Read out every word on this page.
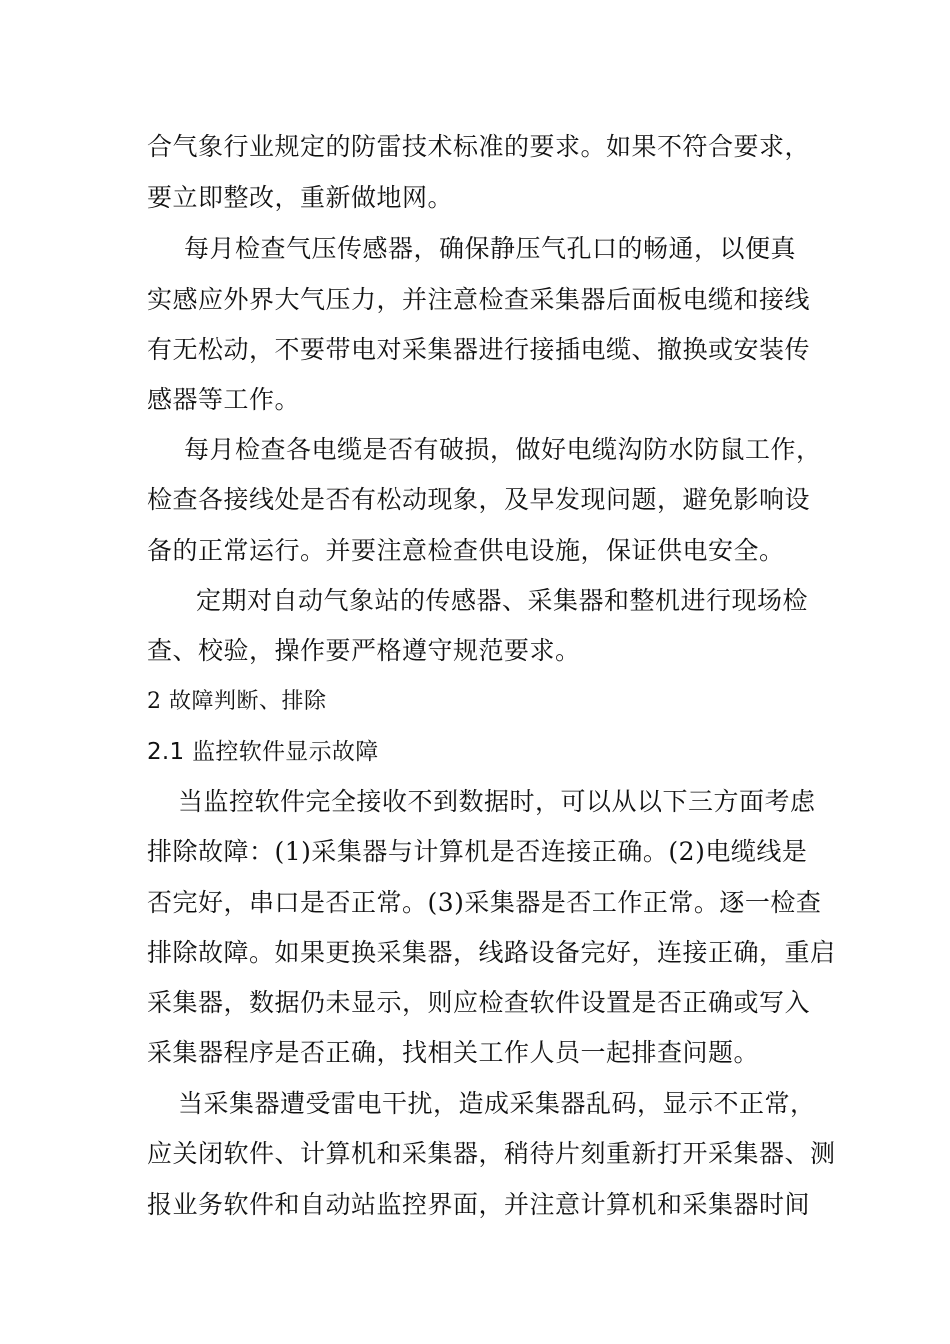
合气象行业规定的防雷技术标准的要求。如果不符合要求，
要立即整改，重新做地网。
每月检查气压传感器，确保静压气孔口的畅通，以便真
实感应外界大气压力，并注意检查采集器后面板电缆和接线
有无松动，不要带电对采集器进行接插电缆、撤换或安装传
感器等工作。
每月检查各电缆是否有破损，做好电缆沟防水防鼠工作，
检查各接线处是否有松动现象，及早发现问题，避免影响设
备的正常运行。并要注意检查供电设施，保证供电安全。
定期对自动气象站的传感器、采集器和整机进行现场检
查、校验，操作要严格遵守规范要求。
2 故障判断、排除
2.1 监控软件显示故障
当监控软件完全接收不到数据时，可以从以下三方面考虑
排除故障：(1)采集器与计算机是否连接正确。(2)电缆线是
否完好，串口是否正常。(3)采集器是否工作正常。逐一检查
排除故障。如果更换采集器，线路设备完好，连接正确，重启
采集器，数据仍未显示，则应检查软件设置是否正确或写入
采集器程序是否正确，找相关工作人员一起排查问题。
当采集器遭受雷电干扰，造成采集器乱码，显示不正常，
应关闭软件、计算机和采集器，稍待片刻重新打开采集器、测
报业务软件和自动站监控界面，并注意计算机和采集器时间
